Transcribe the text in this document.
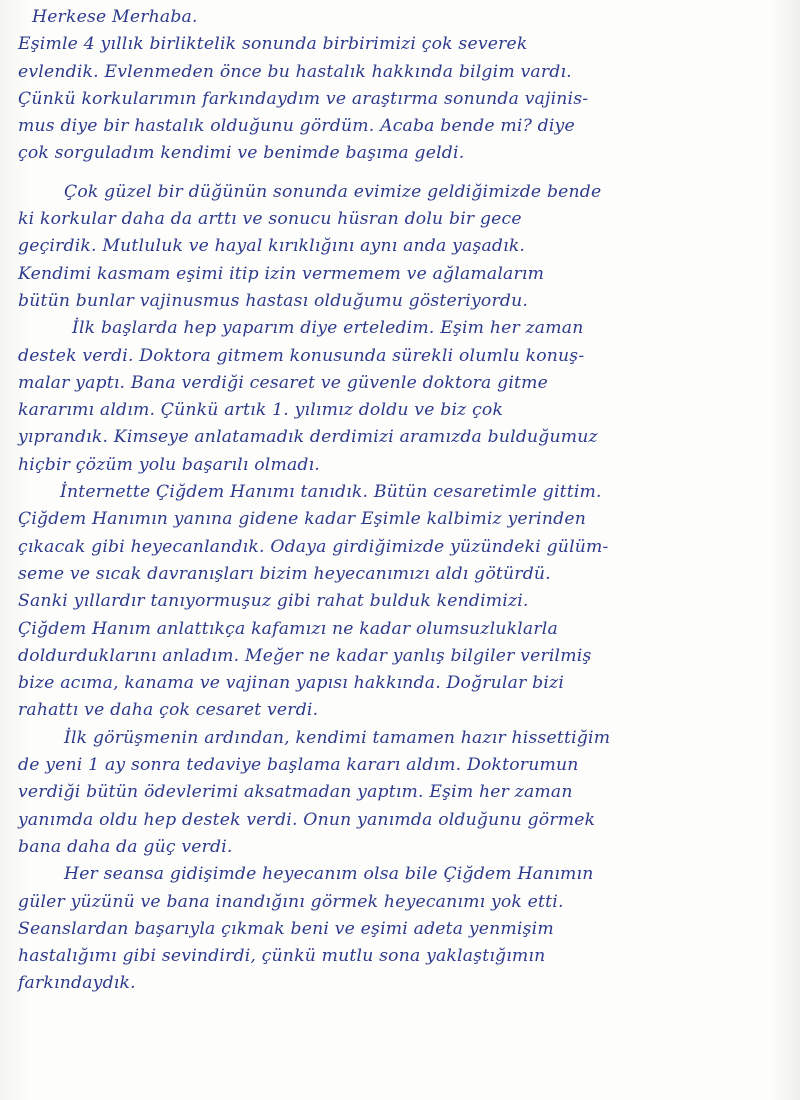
Herkese Merhaba.
Eşimle 4 yıllık birliktelik sonunda birbirimizi çok severek
evlendik. Evlenmeden önce bu hastalık hakkında bilgim vardı.
Çünkü korkularımın farkındaydım ve araştırma sonunda vajinis-
mus diye bir hastalık olduğunu gördüm. Acaba bende mi? diye
çok sorguladım kendimi ve benimde başıma geldi.
Çok güzel bir düğünün sonunda evimize geldiğimizde bende
ki korkular daha da arttı ve sonucu hüsran dolu bir gece
geçirdik. Mutluluk ve hayal kırıklığını aynı anda yaşadık.
Kendimi kasmam eşimi itip izin vermemem ve ağlamalarım
bütün bunlar vajinusmus hastası olduğumu gösteriyordu.
İlk başlarda hep yaparım diye erteledim. Eşim her zaman
destek verdi. Doktora gitmem konusunda sürekli olumlu konuş-
malar yaptı. Bana verdiği cesaret ve güvenle doktora gitme
kararımı aldım. Çünkü artık 1. yılımız doldu ve biz çok
yıprandık. Kimseye anlatamadık derdimizi aramızda bulduğumuz
hiçbir çözüm yolu başarılı olmadı.
İnternette Çiğdem Hanımı tanıdık. Bütün cesaretimle gittim.
Çiğdem Hanımın yanına gidene kadar Eşimle kalbimiz yerinden
çıkacak gibi heyecanlandık. Odaya girdiğimizde yüzündeki gülüm-
seme ve sıcak davranışları bizim heyecanımızı aldı götürdü.
Sanki yıllardır tanıyormuşuz gibi rahat bulduk kendimizi.
Çiğdem Hanım anlattıkça kafamızı ne kadar olumsuzluklarla
doldurduklarını anladım. Meğer ne kadar yanlış bilgiler verilmiş
bize acıma, kanama ve vajinan yapısı hakkında. Doğrular bizi
rahattı ve daha çok cesaret verdi.
İlk görüşmenin ardından, kendimi tamamen hazır hissettiğim
de yeni 1 ay sonra tedaviye başlama kararı aldım. Doktorumun
verdiği bütün ödevlerimi aksatmadan yaptım. Eşim her zaman
yanımda oldu hep destek verdi. Onun yanımda olduğunu görmek
bana daha da güç verdi.
Her seansa gidişimde heyecanım olsa bile Çiğdem Hanımın
güler yüzünü ve bana inandığını görmek heyecanımı yok etti.
Seanslardan başarıyla çıkmak beni ve eşimi adeta yenmişim
hastalığımı gibi sevindirdi, çünkü mutlu sona yaklaştığımın
farkındaydık.
